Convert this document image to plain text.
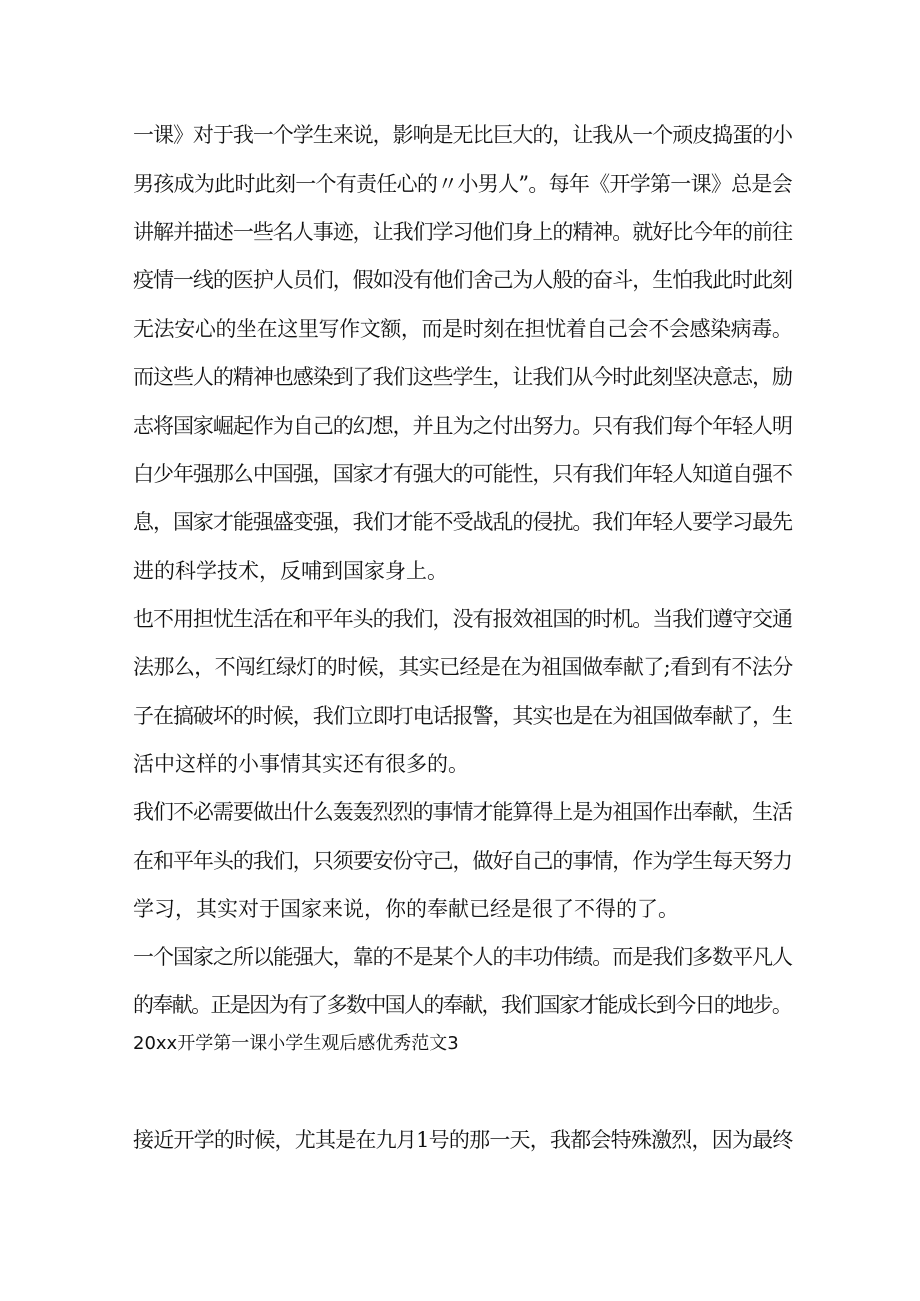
一课》对于我一个学生来说，影响是无比巨大的，让我从一个顽皮捣蛋的小
男孩成为此时此刻一个有责任心的〃小男人”。每年《开学第一课》总是会
讲解并描述一些名人事迹，让我们学习他们身上的精神。就好比今年的前往
疫情一线的医护人员们，假如没有他们舍己为人般的奋斗，生怕我此时此刻
无法安心的坐在这里写作文额，而是时刻在担忧着自己会不会感染病毒。
而这些人的精神也感染到了我们这些学生，让我们从今时此刻坚决意志，励
志将国家崛起作为自己的幻想，并且为之付出努力。只有我们每个年轻人明
白少年强那么中国强，国家才有强大的可能性，只有我们年轻人知道自强不
息，国家才能强盛变强，我们才能不受战乱的侵扰。我们年轻人要学习最先
进的科学技术，反哺到国家身上。
也不用担忧生活在和平年头的我们，没有报效祖国的时机。当我们遵守交通
法那么，不闯红绿灯的时候，其实已经是在为祖国做奉献了;看到有不法分
子在搞破坏的时候，我们立即打电话报警，其实也是在为祖国做奉献了，生
活中这样的小事情其实还有很多的。
我们不必需要做出什么轰轰烈烈的事情才能算得上是为祖国作出奉献，生活
在和平年头的我们，只须要安份守己，做好自己的事情，作为学生每天努力
学习，其实对于国家来说，你的奉献已经是很了不得的了。
一个国家之所以能强大，靠的不是某个人的丰功伟绩。而是我们多数平凡人
的奉献。正是因为有了多数中国人的奉献，我们国家才能成长到今日的地步。
20xx开学第一课小学生观后感优秀范文3
接近开学的时候，尤其是在九月1号的那一天，我都会特殊激烈，因为最终
